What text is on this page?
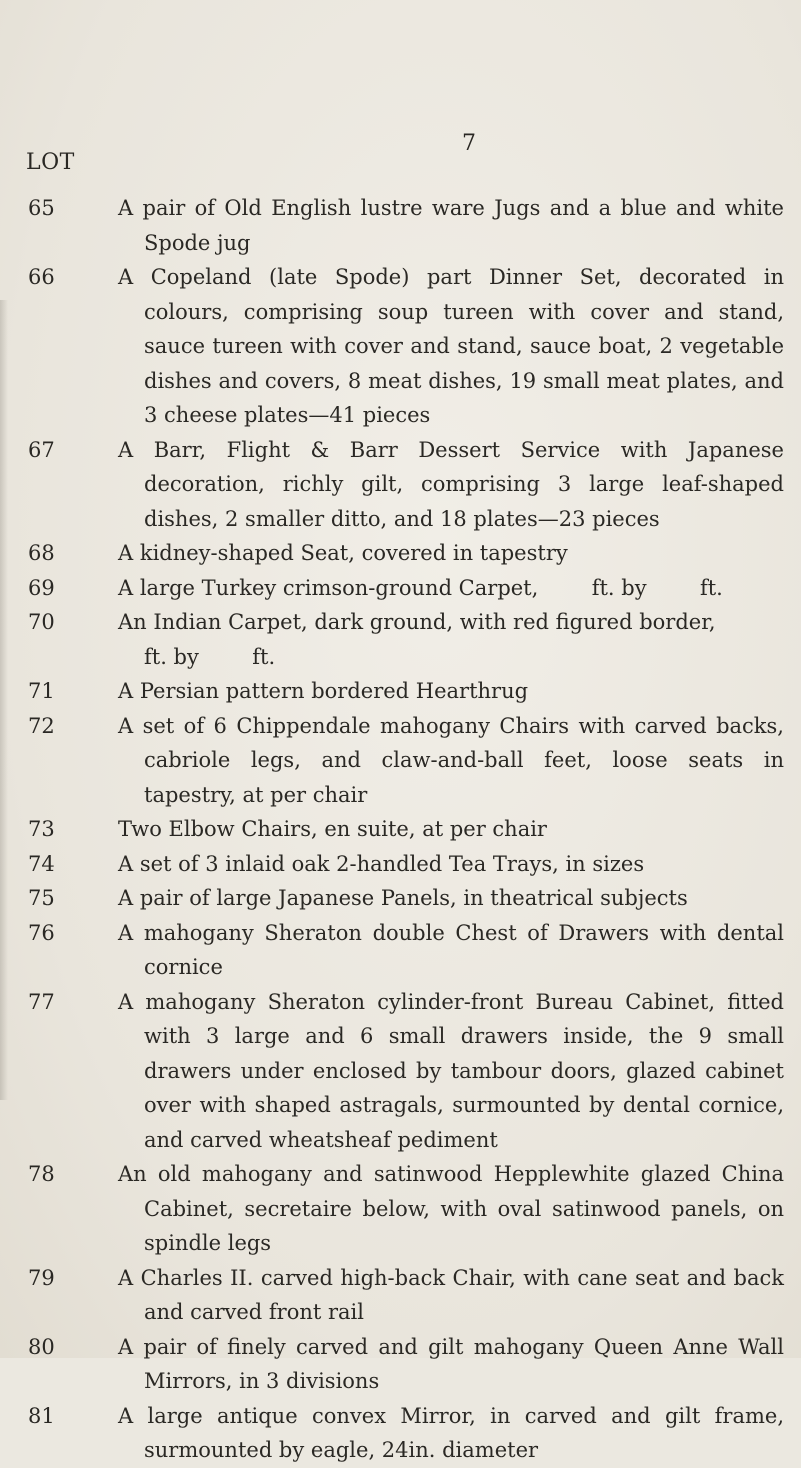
7
LOT
65	A pair of Old English lustre ware Jugs and a blue and white Spode jug
66	A Copeland (late Spode) part Dinner Set, decorated in colours, comprising soup tureen with cover and stand, sauce tureen with cover and stand, sauce boat, 2 vegetable dishes and covers, 8 meat dishes, 19 small meat plates, and 3 cheese plates—41 pieces
67	A Barr, Flight & Barr Dessert Service with Japanese decoration, richly gilt, comprising 3 large leaf-shaped dishes, 2 smaller ditto, and 18 plates—23 pieces
68	A kidney-shaped Seat, covered in tapestry
69	A large Turkey crimson-ground Carpet,        ft. by        ft.
70	An Indian Carpet, dark ground, with red figured border,        ft. by        ft.
71	A Persian pattern bordered Hearthrug
72	A set of 6 Chippendale mahogany Chairs with carved backs, cabriole legs, and claw-and-ball feet, loose seats in tapestry, at per chair
73	Two Elbow Chairs, en suite, at per chair
74	A set of 3 inlaid oak 2-handled Tea Trays, in sizes
75	A pair of large Japanese Panels, in theatrical subjects
76	A mahogany Sheraton double Chest of Drawers with dental cornice
77	A mahogany Sheraton cylinder-front Bureau Cabinet, fitted with 3 large and 6 small drawers inside, the 9 small drawers under enclosed by tambour doors, glazed cabinet over with shaped astragals, surmounted by dental cornice, and carved wheatsheaf pediment
78	An old mahogany and satinwood Hepplewhite glazed China Cabinet, secretaire below, with oval satinwood panels, on spindle legs
79	A Charles II. carved high-back Chair, with cane seat and back and carved front rail
80	A pair of finely carved and gilt mahogany Queen Anne Wall Mirrors, in 3 divisions
81	A large antique convex Mirror, in carved and gilt frame, surmounted by eagle, 24in. diameter
